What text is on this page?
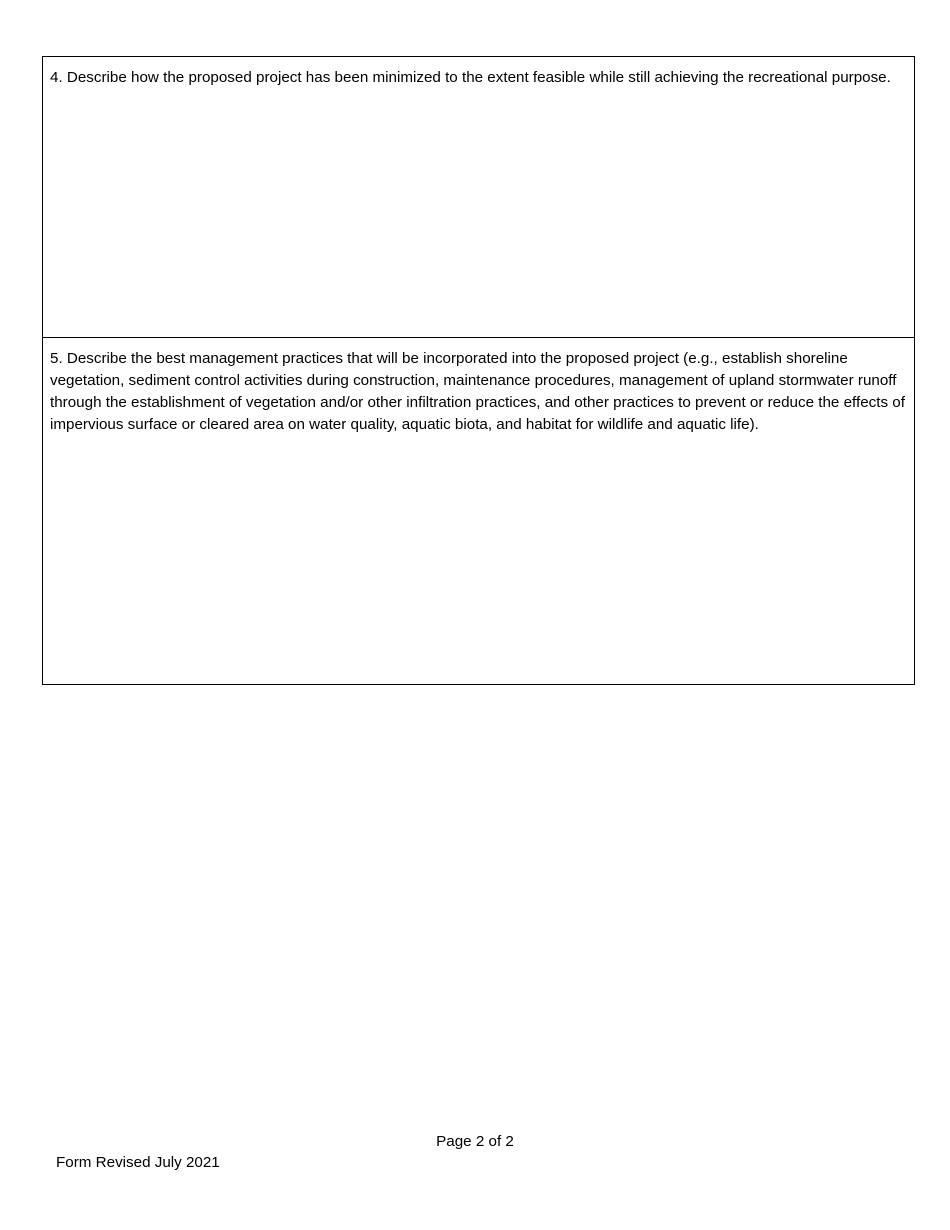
4. Describe how the proposed project has been minimized to the extent feasible while still achieving the recreational purpose.
5. Describe the best management practices that will be incorporated into the proposed project (e.g., establish shoreline vegetation, sediment control activities during construction, maintenance procedures, management of upland stormwater runoff through the establishment of vegetation and/or other infiltration practices, and other practices to prevent or reduce the effects of impervious surface or cleared area on water quality, aquatic biota, and habitat for wildlife and aquatic life).
Page 2 of 2
Form Revised July 2021
